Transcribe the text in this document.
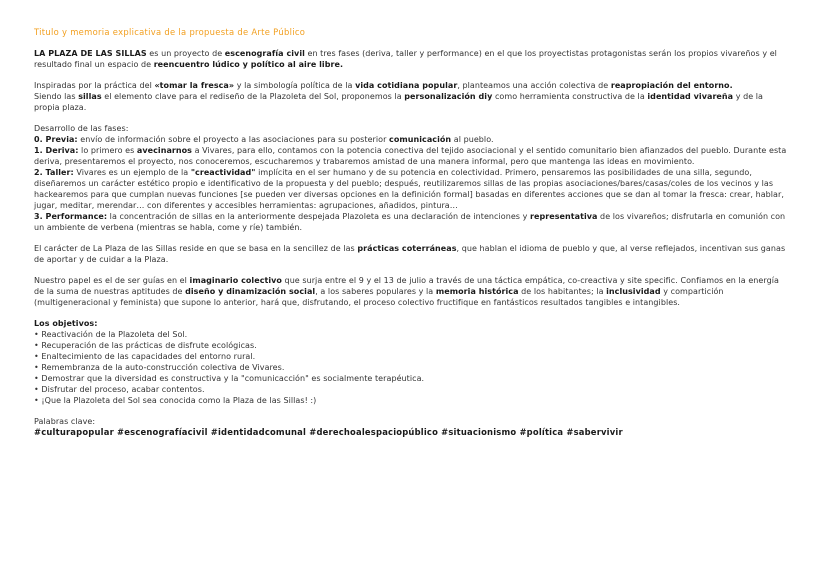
Titulo y memoria explicativa de la propuesta de Arte Público

LA PLAZA DE LAS SILLAS es un proyecto de escenografía civil en tres fases (deriva, taller y performance) en el que los proyectistas protagonistas serán los propios vivareños y el resultado final un espacio de reencuentro lúdico y político al aire libre.

Inspiradas por la práctica del «tomar la fresca» y la simbología política de la vida cotidiana popular, planteamos una acción colectiva de reapropiación del entorno.
Siendo las sillas el elemento clave para el rediseño de la Plazoleta del Sol, proponemos la personalización diy como herramienta constructiva de la identidad vivareña y de la propia plaza.

Desarrollo de las fases:
0. Previa: envío de información sobre el proyecto a las asociaciones para su posterior comunicación al pueblo.
1. Deriva: lo primero es avecinarnos a Vivares, para ello, contamos con la potencia conectiva del tejido asociacional y el sentido comunitario bien afianzados del pueblo. Durante esta deriva, presentaremos el proyecto, nos conoceremos, escucharemos y trabaremos amistad de una manera informal, pero que mantenga las ideas en movimiento.
2. Taller: Vivares es un ejemplo de la "creactividad" implícita en el ser humano y de su potencia en colectividad. Primero, pensaremos las posibilidades de una silla, segundo, diseñaremos un carácter estético propio e identificativo de la propuesta y del pueblo; después, reutilizaremos sillas de las propias asociaciones/bares/casas/coles de los vecinos y las hackearemos para que cumplan nuevas funciones [se pueden ver diversas opciones en la definición formal] basadas en diferentes acciones que se dan al tomar la fresca: crear, hablar, jugar, meditar, merendar… con diferentes y accesibles herramientas: agrupaciones, añadidos, pintura…
3. Performance: la concentración de sillas en la anteriormente despejada Plazoleta es una declaración de intenciones y representativa de los vivareños; disfrutarla en comunión con un ambiente de verbena (mientras se habla, come y ríe) también.

El carácter de La Plaza de las Sillas reside en que se basa en la sencillez de las prácticas coterráneas, que hablan el idioma de pueblo y que, al verse reflejados, incentivan sus ganas de aportar y de cuidar a la Plaza.

Nuestro papel es el de ser guías en el imaginario colectivo que surja entre el 9 y el 13 de julio a través de una táctica empática, co-creactiva y site specific. Confiamos en la energía de la suma de nuestras aptitudes de diseño y dinamización social, a los saberes populares y la memoria histórica de los habitantes; la inclusividad y compartición (multigeneracional y feminista) que supone lo anterior, hará que, disfrutando, el proceso colectivo fructifique en fantásticos resultados tangibles e intangibles.

Los objetivos:
• Reactivación de la Plazoleta del Sol.
• Recuperación de las prácticas de disfrute ecológicas.
• Enaltecimiento de las capacidades del entorno rural.
• Remembranza de la auto-construcción colectiva de Vivares.
• Demostrar que la diversidad es constructiva y la "comunicacción" es socialmente terapéutica.
• Disfrutar del proceso, acabar contentos.
• ¡Que la Plazoleta del Sol sea conocida como la Plaza de las Sillas! :)
Palabras clave:
#culturapopular #escenografíacivil #identidadcomunal #derechoalespaciopúblico #situacionismo #política #sabervivir
